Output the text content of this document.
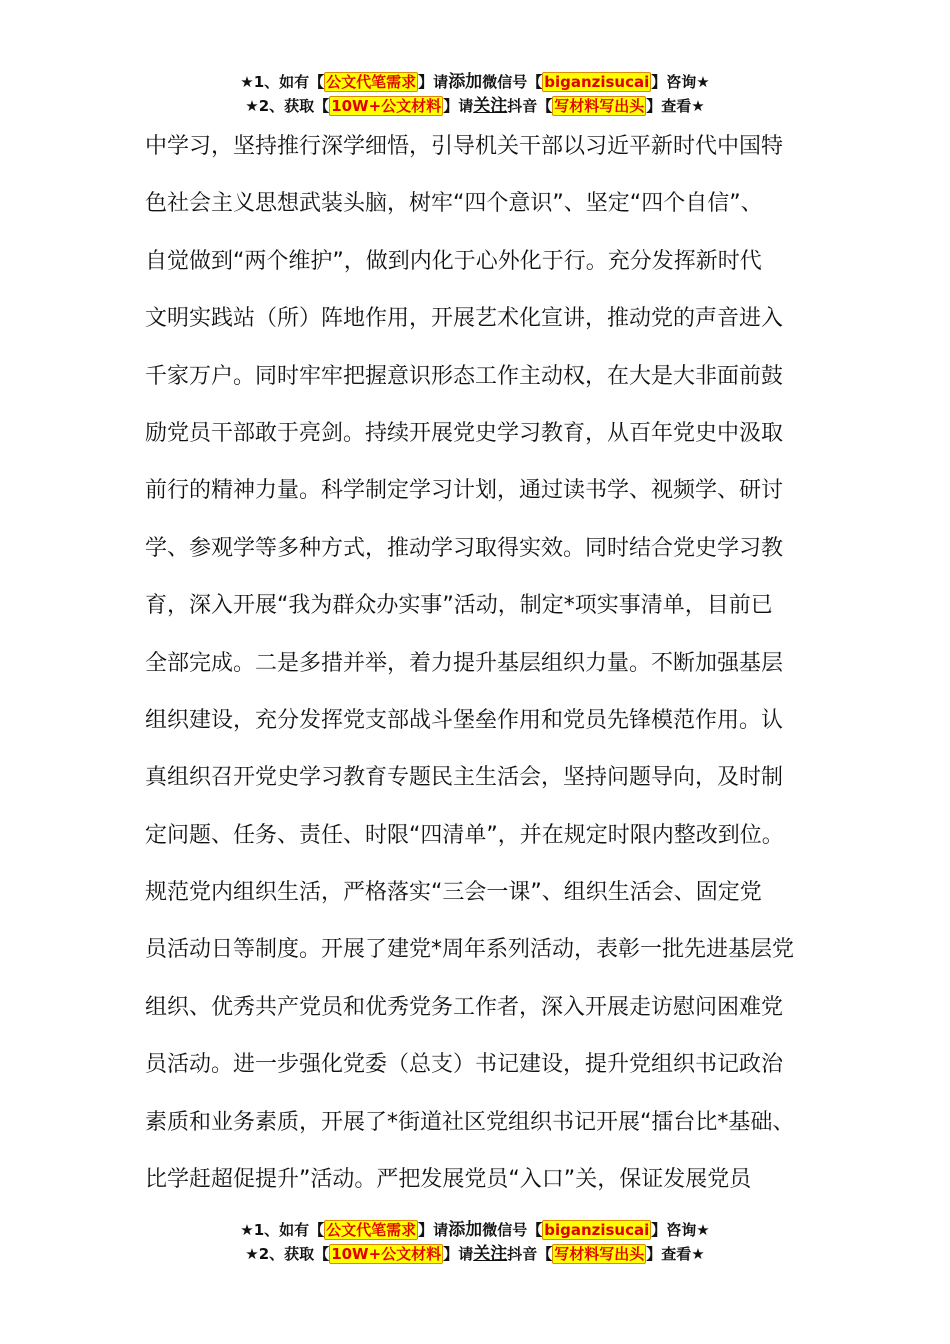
★1、如有【 公文代笔需求 】请添加微信号【 biganzisucai 】咨询★
★2、获取【 10W+公文材料 】请关注抖音【 写材料写出头 】查看★
中学习，坚持推行深学细悟，引导机关干部以习近平新时代中国特
色社会主义思想武装头脑，树牢“四个意识”、坚定“四个自信”、
自觉做到“两个维护”，做到内化于心外化于行。充分发挥新时代
文明实践站（所）阵地作用，开展艺术化宣讲，推动党的声音进入
千家万户。同时牢牢把握意识形态工作主动权，在大是大非面前鼓
励党员干部敢于亮剑。持续开展党史学习教育，从百年党史中汲取
前行的精神力量。科学制定学习计划，通过读书学、视频学、研讨
学、参观学等多种方式，推动学习取得实效。同时结合党史学习教
育，深入开展“我为群众办实事”活动，制定*项实事清单，目前已
全部完成。二是多措并举，着力提升基层组织力量。不断加强基层
组织建设，充分发挥党支部战斗堡垒作用和党员先锋模范作用。认
真组织召开党史学习教育专题民主生活会，坚持问题导向，及时制
定问题、任务、责任、时限“四清单”，并在规定时限内整改到位。
规范党内组织生活，严格落实“三会一课”、组织生活会、固定党
员活动日等制度。开展了建党*周年系列活动，表彰一批先进基层党
组织、优秀共产党员和优秀党务工作者，深入开展走访慰问困难党
员活动。进一步强化党委（总支）书记建设，提升党组织书记政治
素质和业务素质，开展了*街道社区党组织书记开展“擂台比*基础、
比学赶超促提升”活动。严把发展党员“入口”关，保证发展党员
★1、如有【 公文代笔需求 】请添加微信号【 biganzisucai 】咨询★
★2、获取【 10W+公文材料 】请关注抖音【 写材料写出头 】查看★
